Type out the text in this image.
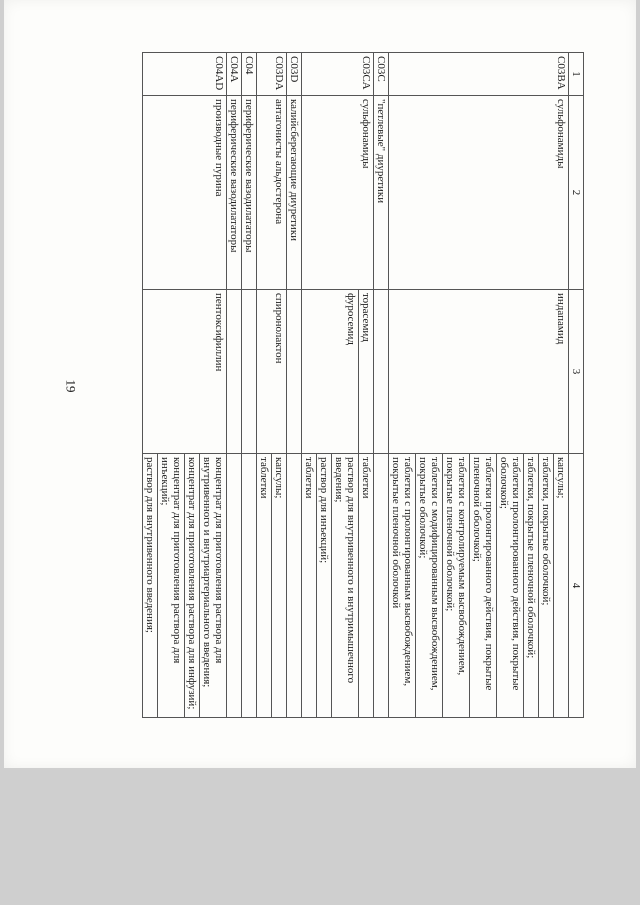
19
1	2	3	4
C03BA	сульфонамиды	индапамид	капсулы;
			таблетки, покрытые оболочкой;
			таблетки, покрытые пленочной оболочкой;
			таблетки пролонгированного действия, покрытые оболочкой;
			таблетки пролонгированного действия, покрытые пленочной оболочкой;
			таблетки с контролируемым высвобождением, покрытые пленочной оболочкой;
			таблетки с модифицированным высвобождением, покрытые оболочкой;
			таблетки с пролонгированным высвобождением, покрытые пленочной оболочкой
C03C	"петлевые" диуретики		
C03CA	сульфонамиды	торасемид	таблетки
		фуросемид	раствор для внутривенного и внутримышечного введения;
			раствор для инъекций;
			таблетки
C03D	калийсберегающие диуретики		
C03DA	антагонисты альдостерона	спиронолактон	капсулы;
			таблетки
C04	периферические вазодилататоры		
C04A	периферические вазодилататоры		
C04AD	производные пурина	пентоксифиллин	концентрат для приготовления раствора для внутривенного и внутриартериального введения;
			концентрат для приготовления раствора для инфузий;
			концентрат для приготовления раствора для инъекций;
			раствор для внутривенного введения;
